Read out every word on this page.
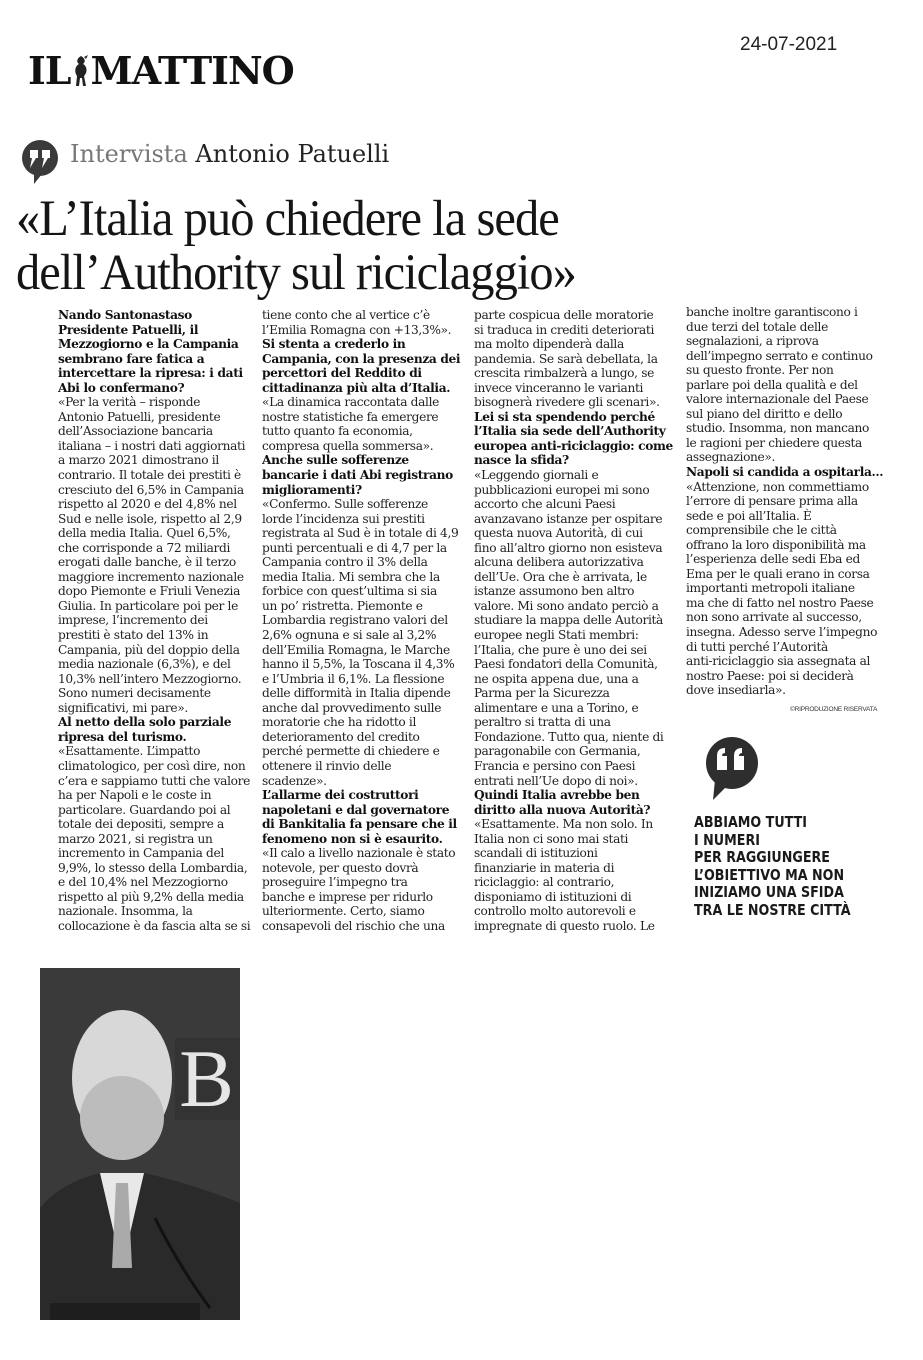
IL MATTINO
24-07-2021
Intervista Antonio Patuelli
«L’Italia può chiedere la sede
dell’Authority sul riciclaggio»

Nando Santonastaso

Presidente Patuelli, il

Mezzogiorno e la Campania

sembrano fare fatica a

intercettare la ripresa: i dati

Abi lo confermano?

«Per la verità – risponde

Antonio Patuelli, presidente

dell’Associazione bancaria

italiana – i nostri dati aggiornati

a marzo 2021 dimostrano il

contrario. Il totale dei prestiti è

cresciuto del 6,5% in Campania

rispetto al 2020 e del 4,8% nel

Sud e nelle isole, rispetto al 2,9

della media Italia. Quel 6,5%,

che corrisponde a 72 miliardi

erogati dalle banche, è il terzo

maggiore incremento nazionale

dopo Piemonte e Friuli Venezia

Giulia. In particolare poi per le

imprese, l’incremento dei

prestiti è stato del 13% in

Campania, più del doppio della

media nazionale (6,3%), e del

10,3% nell’intero Mezzogiorno.

Sono numeri decisamente

significativi, mi pare».

Al netto della solo parziale

ripresa del turismo.

«Esattamente. L’impatto

climatologico, per così dire, non

c’era e sappiamo tutti che valore

ha per Napoli e le coste in

particolare. Guardando poi al

totale dei depositi, sempre a

marzo 2021, si registra un

incremento in Campania del

9,9%, lo stesso della Lombardia,

e del 10,4% nel Mezzogiorno

rispetto al più 9,2% della media

nazionale. Insomma, la

collocazione è da fascia alta se si

tiene conto che al vertice c’è

l’Emilia Romagna con +13,3%».

Si stenta a crederlo in

Campania, con la presenza dei

percettori del Reddito di

cittadinanza più alta d’Italia.

«La dinamica raccontata dalle

nostre statistiche fa emergere

tutto quanto fa economia,

compresa quella sommersa».

Anche sulle sofferenze

bancarie i dati Abi registrano

miglioramenti?

«Confermo. Sulle sofferenze

lorde l’incidenza sui prestiti

registrata al Sud è in totale di 4,9

punti percentuali e di 4,7 per la

Campania contro il 3% della

media Italia. Mi sembra che la

forbice con quest’ultima si sia

un po’ ristretta. Piemonte e

Lombardia registrano valori del

2,6% ognuna e si sale al 3,2%

dell’Emilia Romagna, le Marche

hanno il 5,5%, la Toscana il 4,3%

e l’Umbria il 6,1%. La flessione

delle difformità in Italia dipende

anche dal provvedimento sulle

moratorie che ha ridotto il

deterioramento del credito

perché permette di chiedere e

ottenere il rinvio delle

scadenze».

L’allarme dei costruttori

napoletani e dal governatore

di Bankitalia fa pensare che il

fenomeno non si è esaurito.

«Il calo a livello nazionale è stato

notevole, per questo dovrà

proseguire l’impegno tra

banche e imprese per ridurlo

ulteriormente. Certo, siamo

consapevoli del rischio che una

parte cospicua delle moratorie

si traduca in crediti deteriorati

ma molto dipenderà dalla

pandemia. Se sarà debellata, la

crescita rimbalzerà a lungo, se

invece vinceranno le varianti

bisognerà rivedere gli scenari».

Lei si sta spendendo perché

l’Italia sia sede dell’Authority

europea anti-riciclaggio: come

nasce la sfida?

«Leggendo giornali e

pubblicazioni europei mi sono

accorto che alcuni Paesi

avanzavano istanze per ospitare

questa nuova Autorità, di cui

fino all’altro giorno non esisteva

alcuna delibera autorizzativa

dell’Ue. Ora che è arrivata, le

istanze assumono ben altro

valore. Mi sono andato perciò a

studiare la mappa delle Autorità

europee negli Stati membri:

l’Italia, che pure è uno dei sei

Paesi fondatori della Comunità,

ne ospita appena due, una a

Parma per la Sicurezza

alimentare e una a Torino, e

peraltro si tratta di una

Fondazione. Tutto qua, niente di

paragonabile con Germania,

Francia e persino con Paesi

entrati nell’Ue dopo di noi».

Quindi Italia avrebbe ben

diritto alla nuova Autorità?

«Esattamente. Ma non solo. In

Italia non ci sono mai stati

scandali di istituzioni

finanziarie in materia di

riciclaggio: al contrario,

disponiamo di istituzioni di

controllo molto autorevoli e

impregnate di questo ruolo. Le

banche inoltre garantiscono i

due terzi del totale delle

segnalazioni, a riprova

dell’impegno serrato e continuo

su questo fronte. Per non

parlare poi della qualità e del

valore internazionale del Paese

sul piano del diritto e dello

studio. Insomma, non mancano

le ragioni per chiedere questa

assegnazione».

Napoli si candida a ospitarla...

«Attenzione, non commettiamo

l’errore di pensare prima alla

sede e poi all’Italia. È

comprensibile che le città

offrano la loro disponibilità ma

l’esperienza delle sedi Eba ed

Ema per le quali erano in corsa

importanti metropoli italiane

ma che di fatto nel nostro Paese

non sono arrivate al successo,

insegna. Adesso serve l’impegno

di tutti perché l’Autorità

anti-riciclaggio sia assegnata al

nostro Paese: poi si deciderà

dove insediarla».

©RIPRODUZIONE RISERVATA

ABBIAMO TUTTI

I NUMERI

PER RAGGIUNGERE

L’OBIETTIVO MA NON

INIZIAMO UNA SFIDA

TRA LE NOSTRE CITTÀ

B
